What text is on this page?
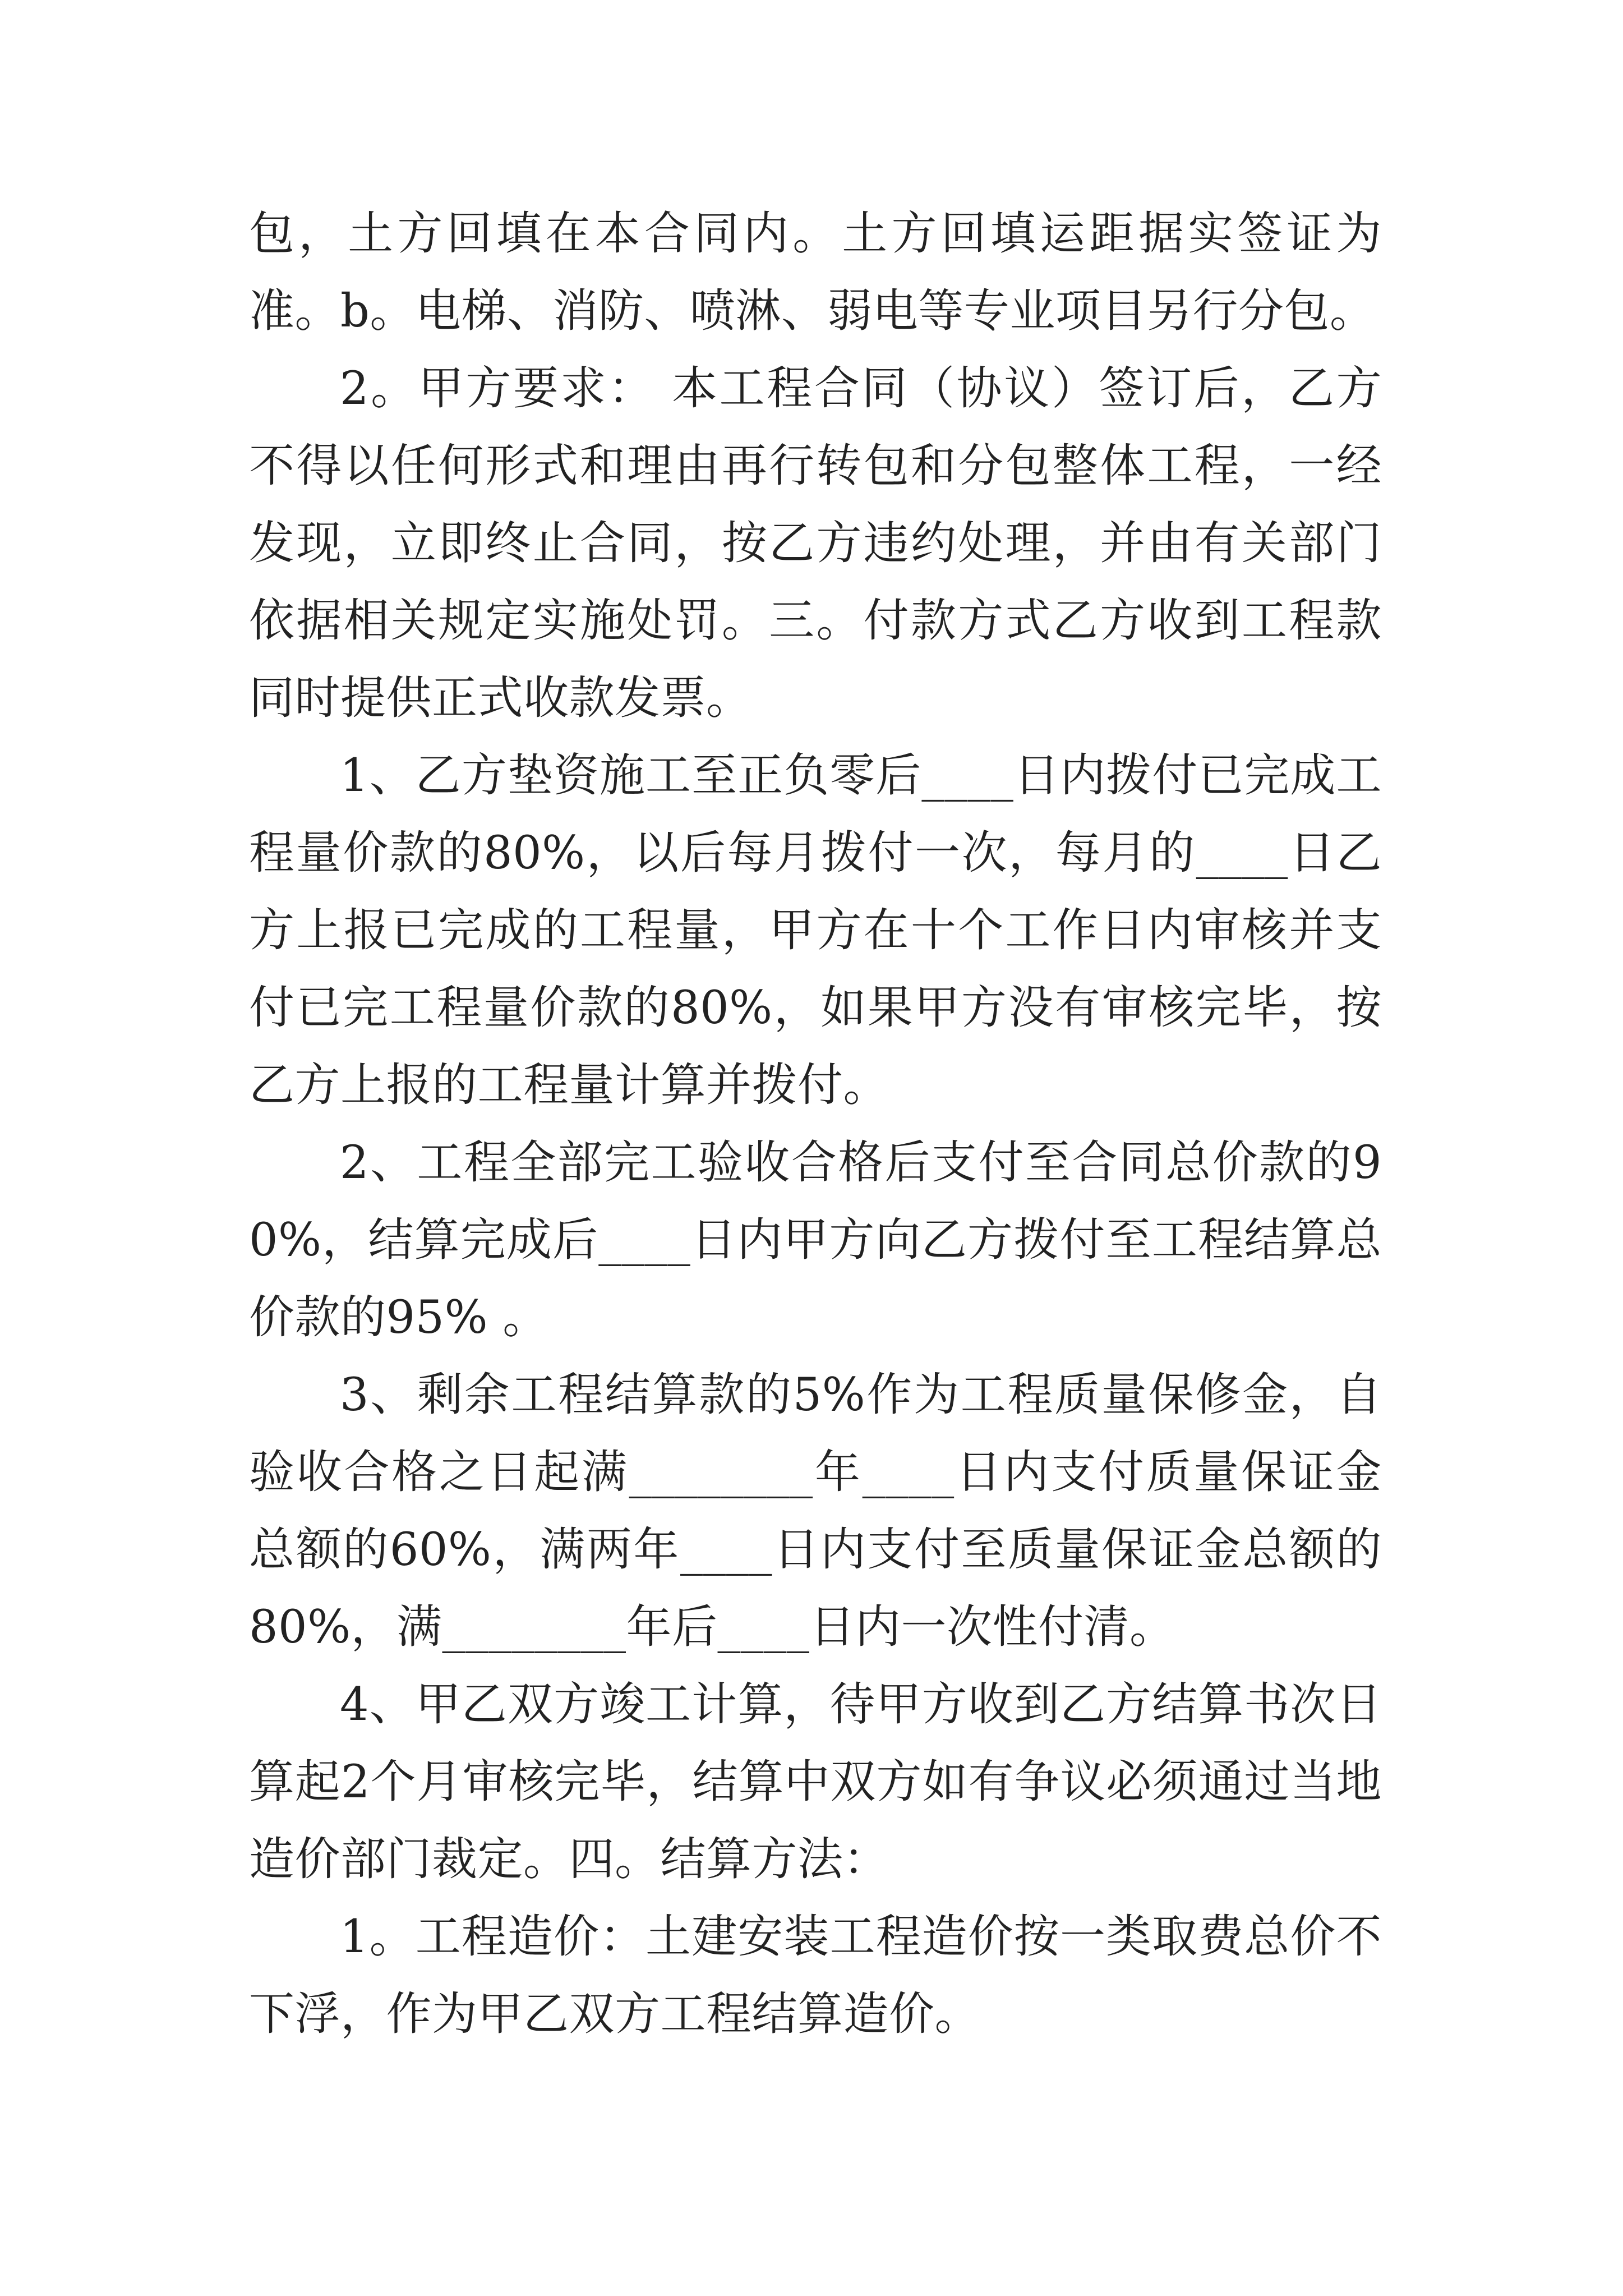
包，土方回填在本合同内。土方回填运距据实签证为准。b。电梯、消防、喷淋、弱电等专业项目另行分包。

2。甲方要求： 本工程合同（协议）签订后，乙方不得以任何形式和理由再行转包和分包整体工程，一经发现，立即终止合同，按乙方违约处理，并由有关部门依据相关规定实施处罚。三。付款方式乙方收到工程款同时提供正式收款发票。

1、乙方垫资施工至正负零后____日内拨付已完成工程量价款的80%，以后每月拨付一次，每月的____日乙方上报已完成的工程量，甲方在十个工作日内审核并支付已完工程量价款的80%，如果甲方没有审核完毕，按乙方上报的工程量计算并拨付。

2、工程全部完工验收合格后支付至合同总价款的90%，结算完成后____日内甲方向乙方拨付至工程结算总价款的95% 。

3、剩余工程结算款的5%作为工程质量保修金，自验收合格之日起满________年____日内支付质量保证金总额的60%，满两年____日内支付至质量保证金总额的80%，满________年后____日内一次性付清。

4、甲乙双方竣工计算，待甲方收到乙方结算书次日算起2个月审核完毕，结算中双方如有争议必须通过当地造价部门裁定。四。结算方法：

1。工程造价：土建安装工程造价按一类取费总价不下浮，作为甲乙双方工程结算造价。
